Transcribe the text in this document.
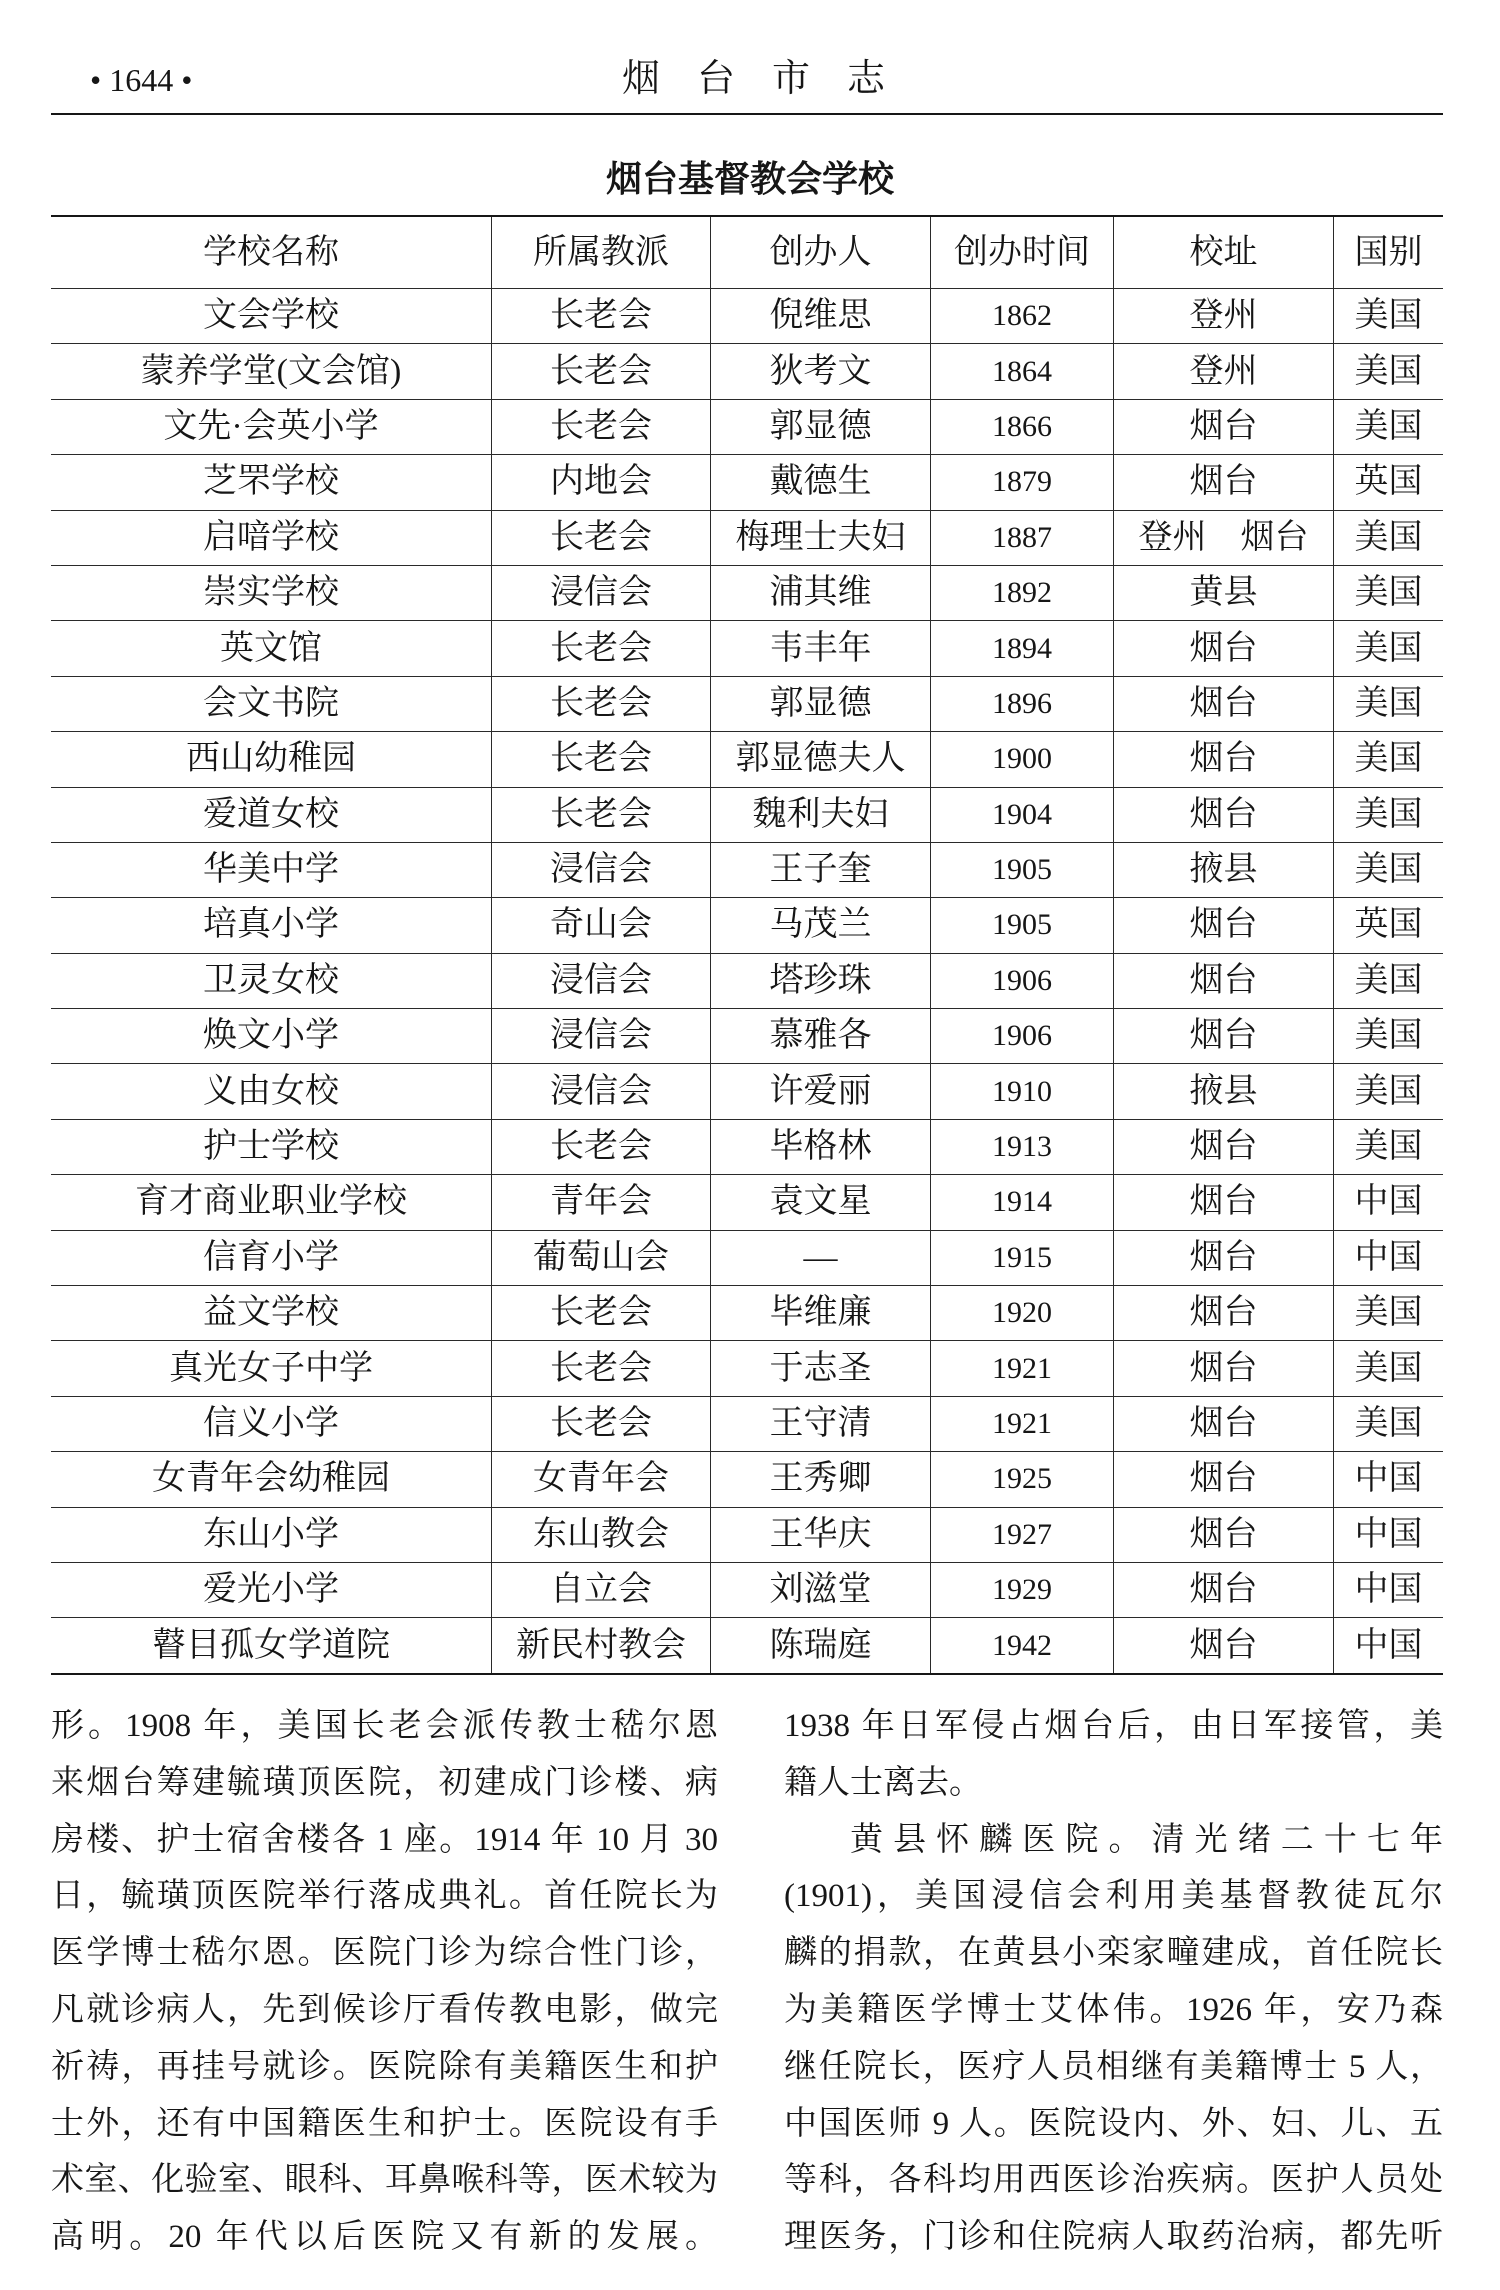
• 1644 •	烟台市志
烟台基督教会学校
学校名称	所属教派	创办人	创办时间	校址	国别
文会学校	长老会	倪维思	1862	登州	美国
蒙养学堂(文会馆)	长老会	狄考文	1864	登州	美国
文先·会英小学	长老会	郭显德	1866	烟台	美国
芝罘学校	内地会	戴德生	1879	烟台	英国
启喑学校	长老会	梅理士夫妇	1887	登州　烟台	美国
崇实学校	浸信会	浦其维	1892	黄县	美国
英文馆	长老会	韦丰年	1894	烟台	美国
会文书院	长老会	郭显德	1896	烟台	美国
西山幼稚园	长老会	郭显德夫人	1900	烟台	美国
爱道女校	长老会	魏利夫妇	1904	烟台	美国
华美中学	浸信会	王子奎	1905	掖县	美国
培真小学	奇山会	马茂兰	1905	烟台	英国
卫灵女校	浸信会	塔珍珠	1906	烟台	美国
焕文小学	浸信会	慕雅各	1906	烟台	美国
义由女校	浸信会	许爱丽	1910	掖县	美国
护士学校	长老会	毕格林	1913	烟台	美国
育才商业职业学校	青年会	袁文星	1914	烟台	中国
信育小学	葡萄山会	—	1915	烟台	中国
益文学校	长老会	毕维廉	1920	烟台	美国
真光女子中学	长老会	于志圣	1921	烟台	美国
信义小学	长老会	王守清	1921	烟台	美国
女青年会幼稚园	女青年会	王秀卿	1925	烟台	中国
东山小学	东山教会	王华庆	1927	烟台	中国
爱光小学	自立会	刘滋堂	1929	烟台	中国
瞽目孤女学道院	新民村教会	陈瑞庭	1942	烟台	中国
形。1908 年，美国长老会派传教士嵇尔恩
来烟台筹建毓璜顶医院，初建成门诊楼、病
房楼、护士宿舍楼各 1 座。1914 年 10 月 30
日，毓璜顶医院举行落成典礼。首任院长为
医学博士嵇尔恩。医院门诊为综合性门诊，
凡就诊病人，先到候诊厅看传教电影，做完
祈祷，再挂号就诊。医院除有美籍医生和护
士外，还有中国籍医生和护士。医院设有手
术室、化验室、眼科、耳鼻喉科等，医术较为
高明。20 年代以后医院又有新的发展。
1938 年日军侵占烟台后，由日军接管，美
籍人士离去。
黄县怀麟医院。清光绪二十七年
(1901)，美国浸信会利用美基督教徒瓦尔
麟的捐款，在黄县小栾家疃建成，首任院长
为美籍医学博士艾体伟。1926 年，安乃森
继任院长，医疗人员相继有美籍博士 5 人，
中国医师 9 人。医院设内、外、妇、儿、五
等科，各科均用西医诊治疾病。医护人员处
理医务，门诊和住院病人取药治病，都先听
